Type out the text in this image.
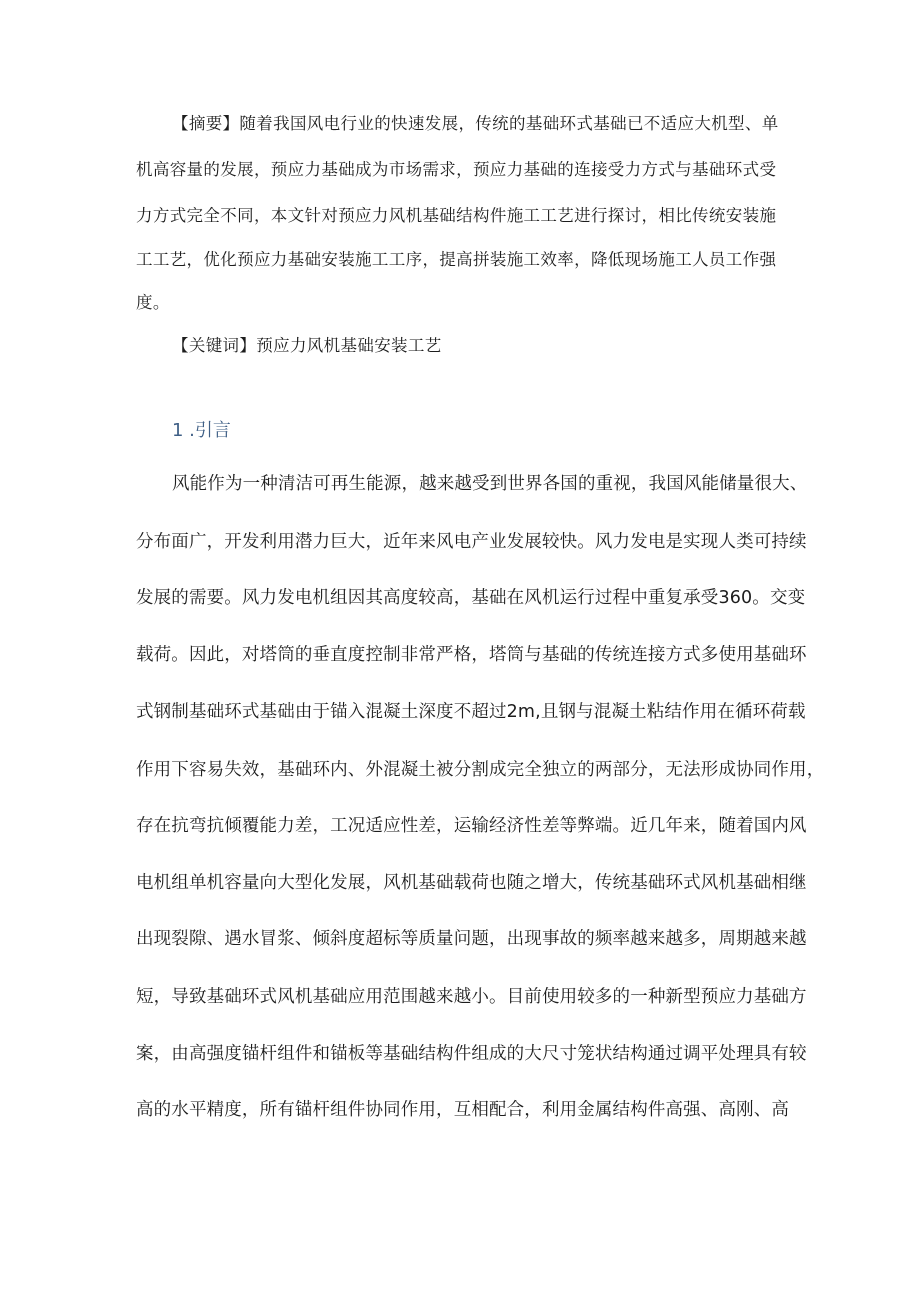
【摘要】随着我国风电行业的快速发展，传统的基础环式基础已不适应大机型、单
机高容量的发展，预应力基础成为市场需求，预应力基础的连接受力方式与基础环式受
力方式完全不同，本文针对预应力风机基础结构件施工工艺进行探讨，相比传统安装施
工工艺，优化预应力基础安装施工工序，提高拼装施工效率，降低现场施工人员工作强
度。
【关键词】预应力风机基础安装工艺
1 .引言
风能作为一种清洁可再生能源，越来越受到世界各国的重视，我国风能储量很大、
分布面广，开发利用潜力巨大，近年来风电产业发展较快。风力发电是实现人类可持续
发展的需要。风力发电机组因其高度较高，基础在风机运行过程中重复承受360。交变
载荷。因此，对塔筒的垂直度控制非常严格，塔筒与基础的传统连接方式多使用基础环
式钢制基础环式基础由于锚入混凝土深度不超过2m,且钢与混凝土粘结作用在循环荷载
作用下容易失效，基础环内、外混凝土被分割成完全独立的两部分，无法形成协同作用，
存在抗弯抗倾覆能力差，工况适应性差，运输经济性差等弊端。近几年来，随着国内风
电机组单机容量向大型化发展，风机基础载荷也随之增大，传统基础环式风机基础相继
出现裂隙、遇水冒浆、倾斜度超标等质量问题，出现事故的频率越来越多，周期越来越
短，导致基础环式风机基础应用范围越来越小。目前使用较多的一种新型预应力基础方
案，由高强度锚杆组件和锚板等基础结构件组成的大尺寸笼状结构通过调平处理具有较
高的水平精度，所有锚杆组件协同作用，互相配合，利用金属结构件高强、高刚、高
